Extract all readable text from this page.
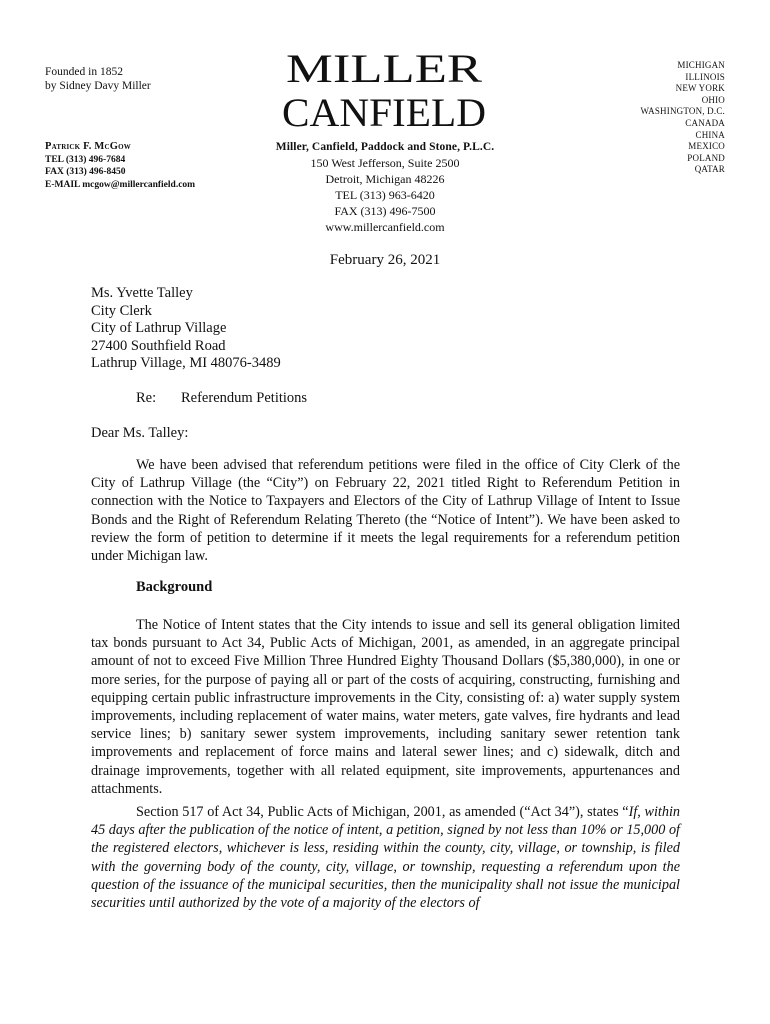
Founded in 1852
by Sidney Davy Miller	MILLER
CANFIELD
MICHIGAN
ILLINOIS
NEW YORK
OHIO
WASHINGTON, D.C.
CANADA
CHINA
MEXICO
POLAND
QATAR
Patrick F. McGow
TEL (313) 496-7684
FAX (313) 496-8450
E-MAIL mcgow@millercanfield.com
Miller, Canfield, Paddock and Stone, P.L.C.
150 West Jefferson, Suite 2500
Detroit, Michigan 48226
TEL (313) 963-6420
FAX (313) 496-7500
www.millercanfield.com
February 26, 2021
Ms. Yvette Talley
City Clerk
City of Lathrup Village
27400 Southfield Road
Lathrup Village, MI 48076-3489
Re: Referendum Petitions
Dear Ms. Talley:

We have been advised that referendum petitions were filed in the office of City Clerk of the City of Lathrup Village (the “City”) on February 22, 2021 titled Right to Referendum Petition in connection with the Notice to Taxpayers and Electors of the City of Lathrup Village of Intent to Issue Bonds and the Right of Referendum Relating Thereto (the “Notice of Intent”). We have been asked to review the form of petition to determine if it meets the legal requirements for a referendum petition under Michigan law.

Background

The Notice of Intent states that the City intends to issue and sell its general obligation limited tax bonds pursuant to Act 34, Public Acts of Michigan, 2001, as amended, in an aggregate principal amount of not to exceed Five Million Three Hundred Eighty Thousand Dollars ($5,380,000), in one or more series, for the purpose of paying all or part of the costs of acquiring, constructing, furnishing and equipping certain public infrastructure improvements in the City, consisting of: a) water supply system improvements, including replacement of water mains, water meters, gate valves, fire hydrants and lead service lines; b) sanitary sewer system improvements, including sanitary sewer retention tank improvements and replacement of force mains and lateral sewer lines; and c) sidewalk, ditch and drainage improvements, together with all related equipment, site improvements, appurtenances and attachments.

Section 517 of Act 34, Public Acts of Michigan, 2001, as amended (“Act 34”), states “If, within 45 days after the publication of the notice of intent, a petition, signed by not less than 10% or 15,000 of the registered electors, whichever is less, residing within the county, city, village, or township, is filed with the governing body of the county, city, village, or township, requesting a referendum upon the question of the issuance of the municipal securities, then the municipality shall not issue the municipal securities until authorized by the vote of a majority of the electors of
